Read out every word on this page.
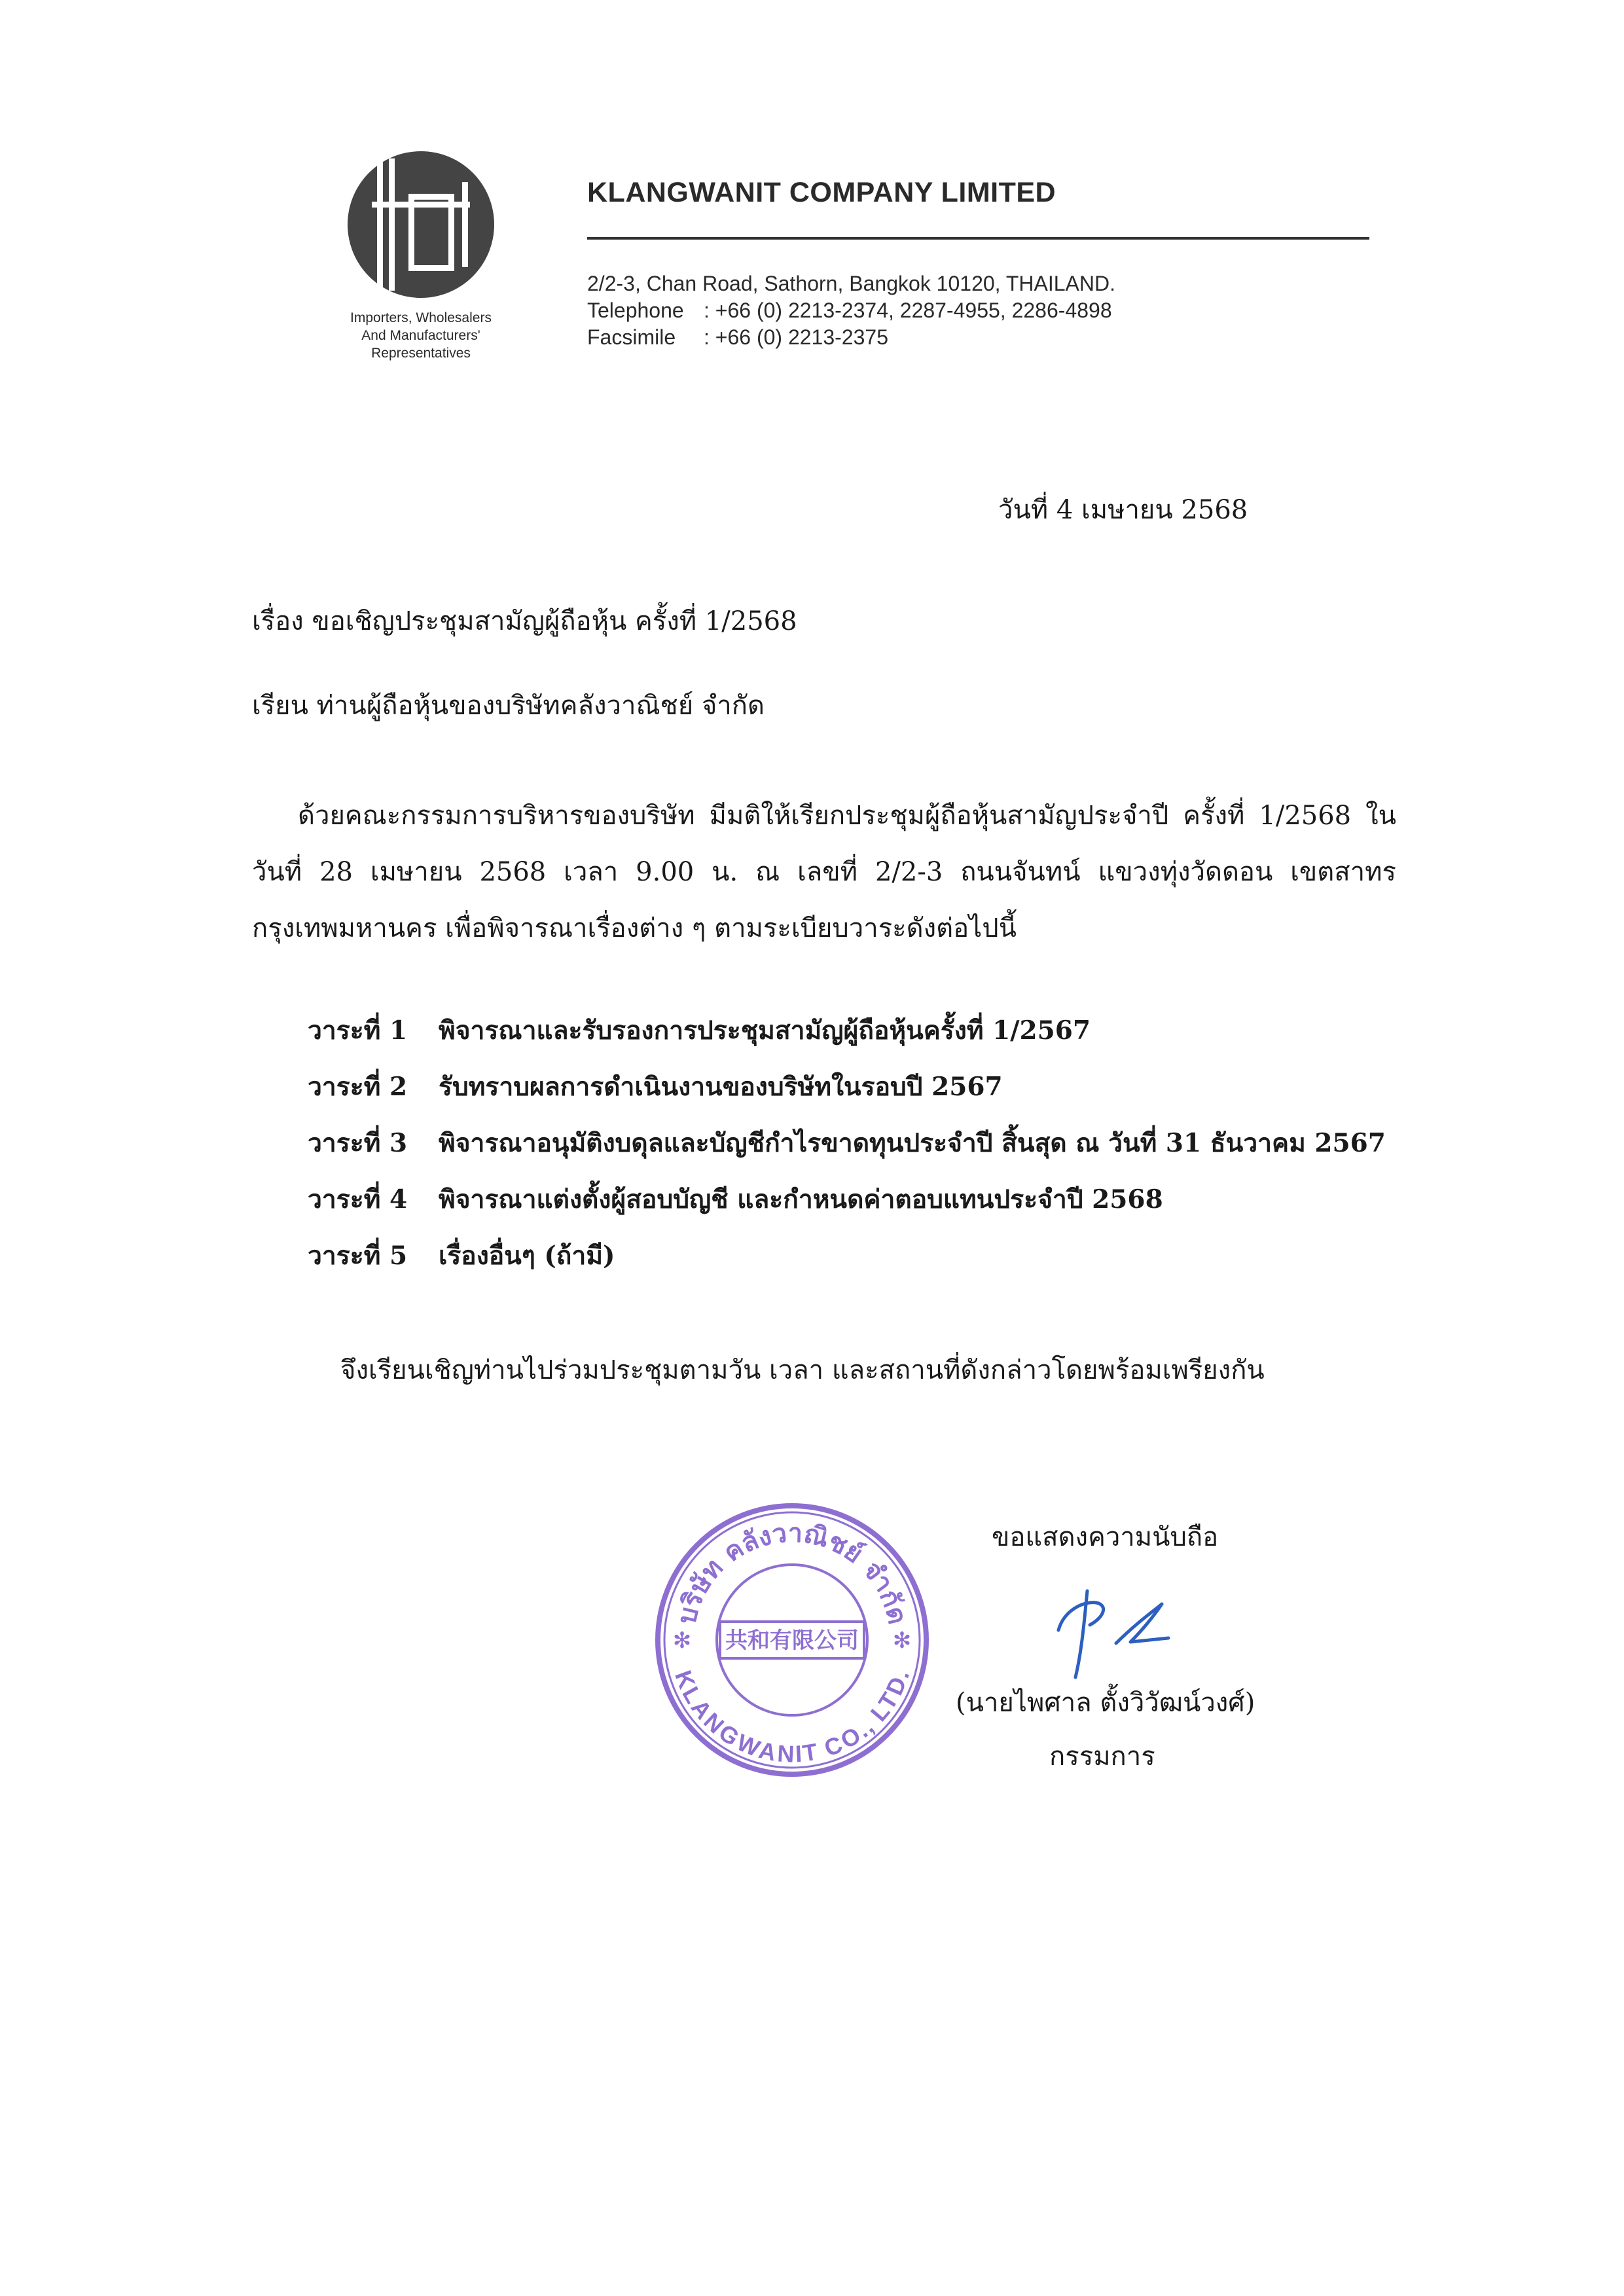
Importers, Wholesalers
And Manufacturers'
Representatives
KLANGWANIT COMPANY LIMITED
2/2-3, Chan Road, Sathorn, Bangkok 10120, THAILAND.
Telephone : +66 (0) 2213-2374, 2287-4955, 2286-4898
Facsimile : +66 (0) 2213-2375
วันที่ 4 เมษายน 2568
เรื่อง ขอเชิญประชุมสามัญผู้ถือหุ้น ครั้งที่ 1/2568
เรียน ท่านผู้ถือหุ้นของบริษัทคลังวาณิชย์ จำกัด
ด้วยคณะกรรมการบริหารของบริษัท มีมติให้เรียกประชุมผู้ถือหุ้นสามัญประจำปี ครั้งที่ 1/2568 ใน
วันที่ 28 เมษายน 2568 เวลา 9.00 น. ณ เลขที่ 2/2-3 ถนนจันทน์ แขวงทุ่งวัดดอน เขตสาทร
กรุงเทพมหานคร เพื่อพิจารณาเรื่องต่าง ๆ ตามระเบียบวาระดังต่อไปนี้
วาระที่ 1	พิจารณาและรับรองการประชุมสามัญผู้ถือหุ้นครั้งที่ 1/2567
วาระที่ 2	รับทราบผลการดำเนินงานของบริษัทในรอบปี 2567
วาระที่ 3	พิจารณาอนุมัติงบดุลและบัญชีกำไรขาดทุนประจำปี สิ้นสุด ณ วันที่ 31 ธันวาคม 2567
วาระที่ 4	พิจารณาแต่งตั้งผู้สอบบัญชี และกำหนดค่าตอบแทนประจำปี 2568
วาระที่ 5	เรื่องอื่นๆ (ถ้ามี)
จึงเรียนเชิญท่านไปร่วมประชุมตามวัน เวลา และสถานที่ดังกล่าวโดยพร้อมเพรียงกัน
บริษัท คลังวาณิชย์ จำกัด
KLANGWANIT CO., LTD.
共和有限公司
✻	✻
ขอแสดงความนับถือ
(นายไพศาล ตั้งวิวัฒน์วงศ์)
กรรมการ
